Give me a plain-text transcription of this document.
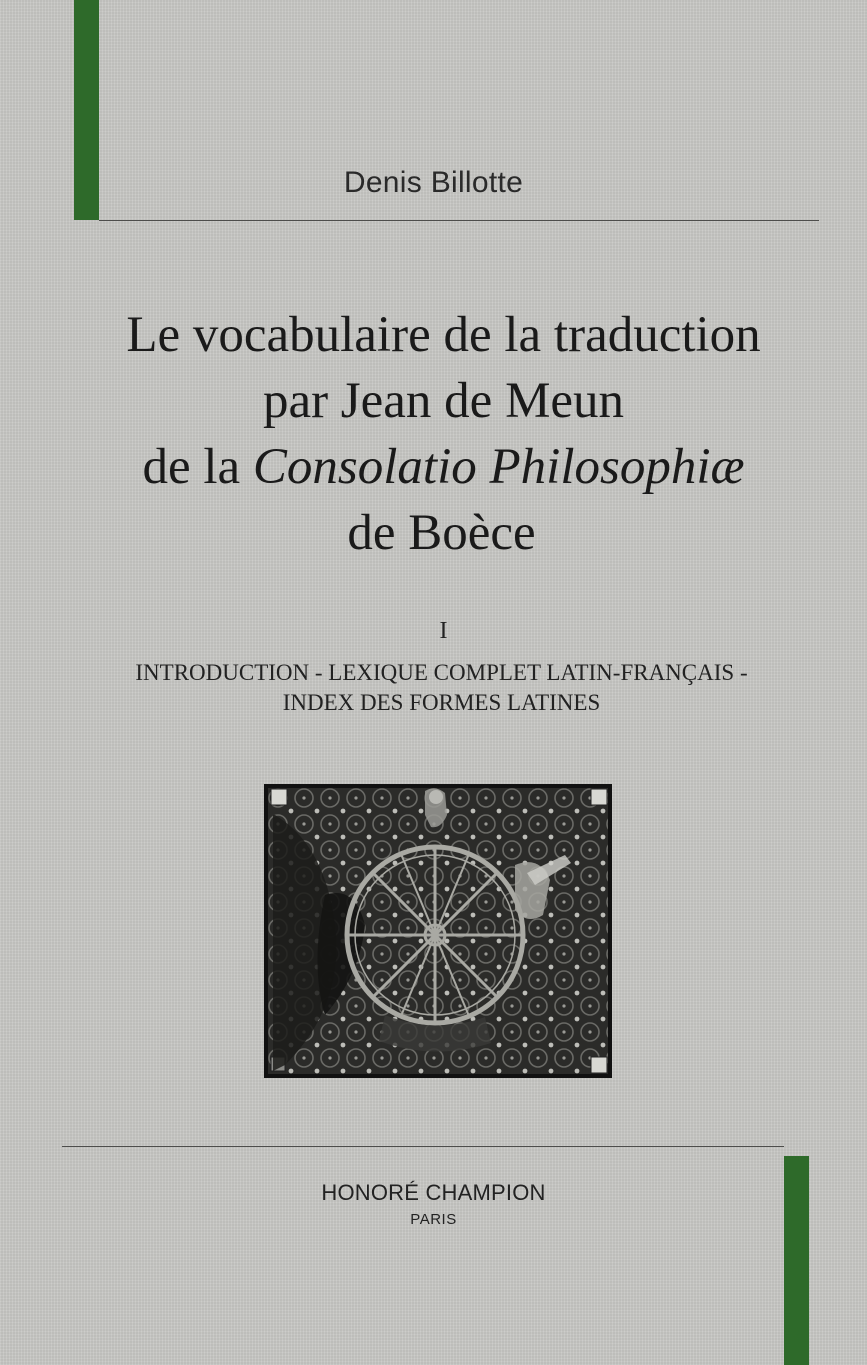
Denis Billotte
Le vocabulaire de la traduction
par Jean de Meun
de la Consolatio Philosophiæ
de Boèce
I
INTRODUCTION - LEXIQUE COMPLET LATIN-FRANÇAIS -
INDEX DES FORMES LATINES
HONORÉ CHAMPION
PARIS
